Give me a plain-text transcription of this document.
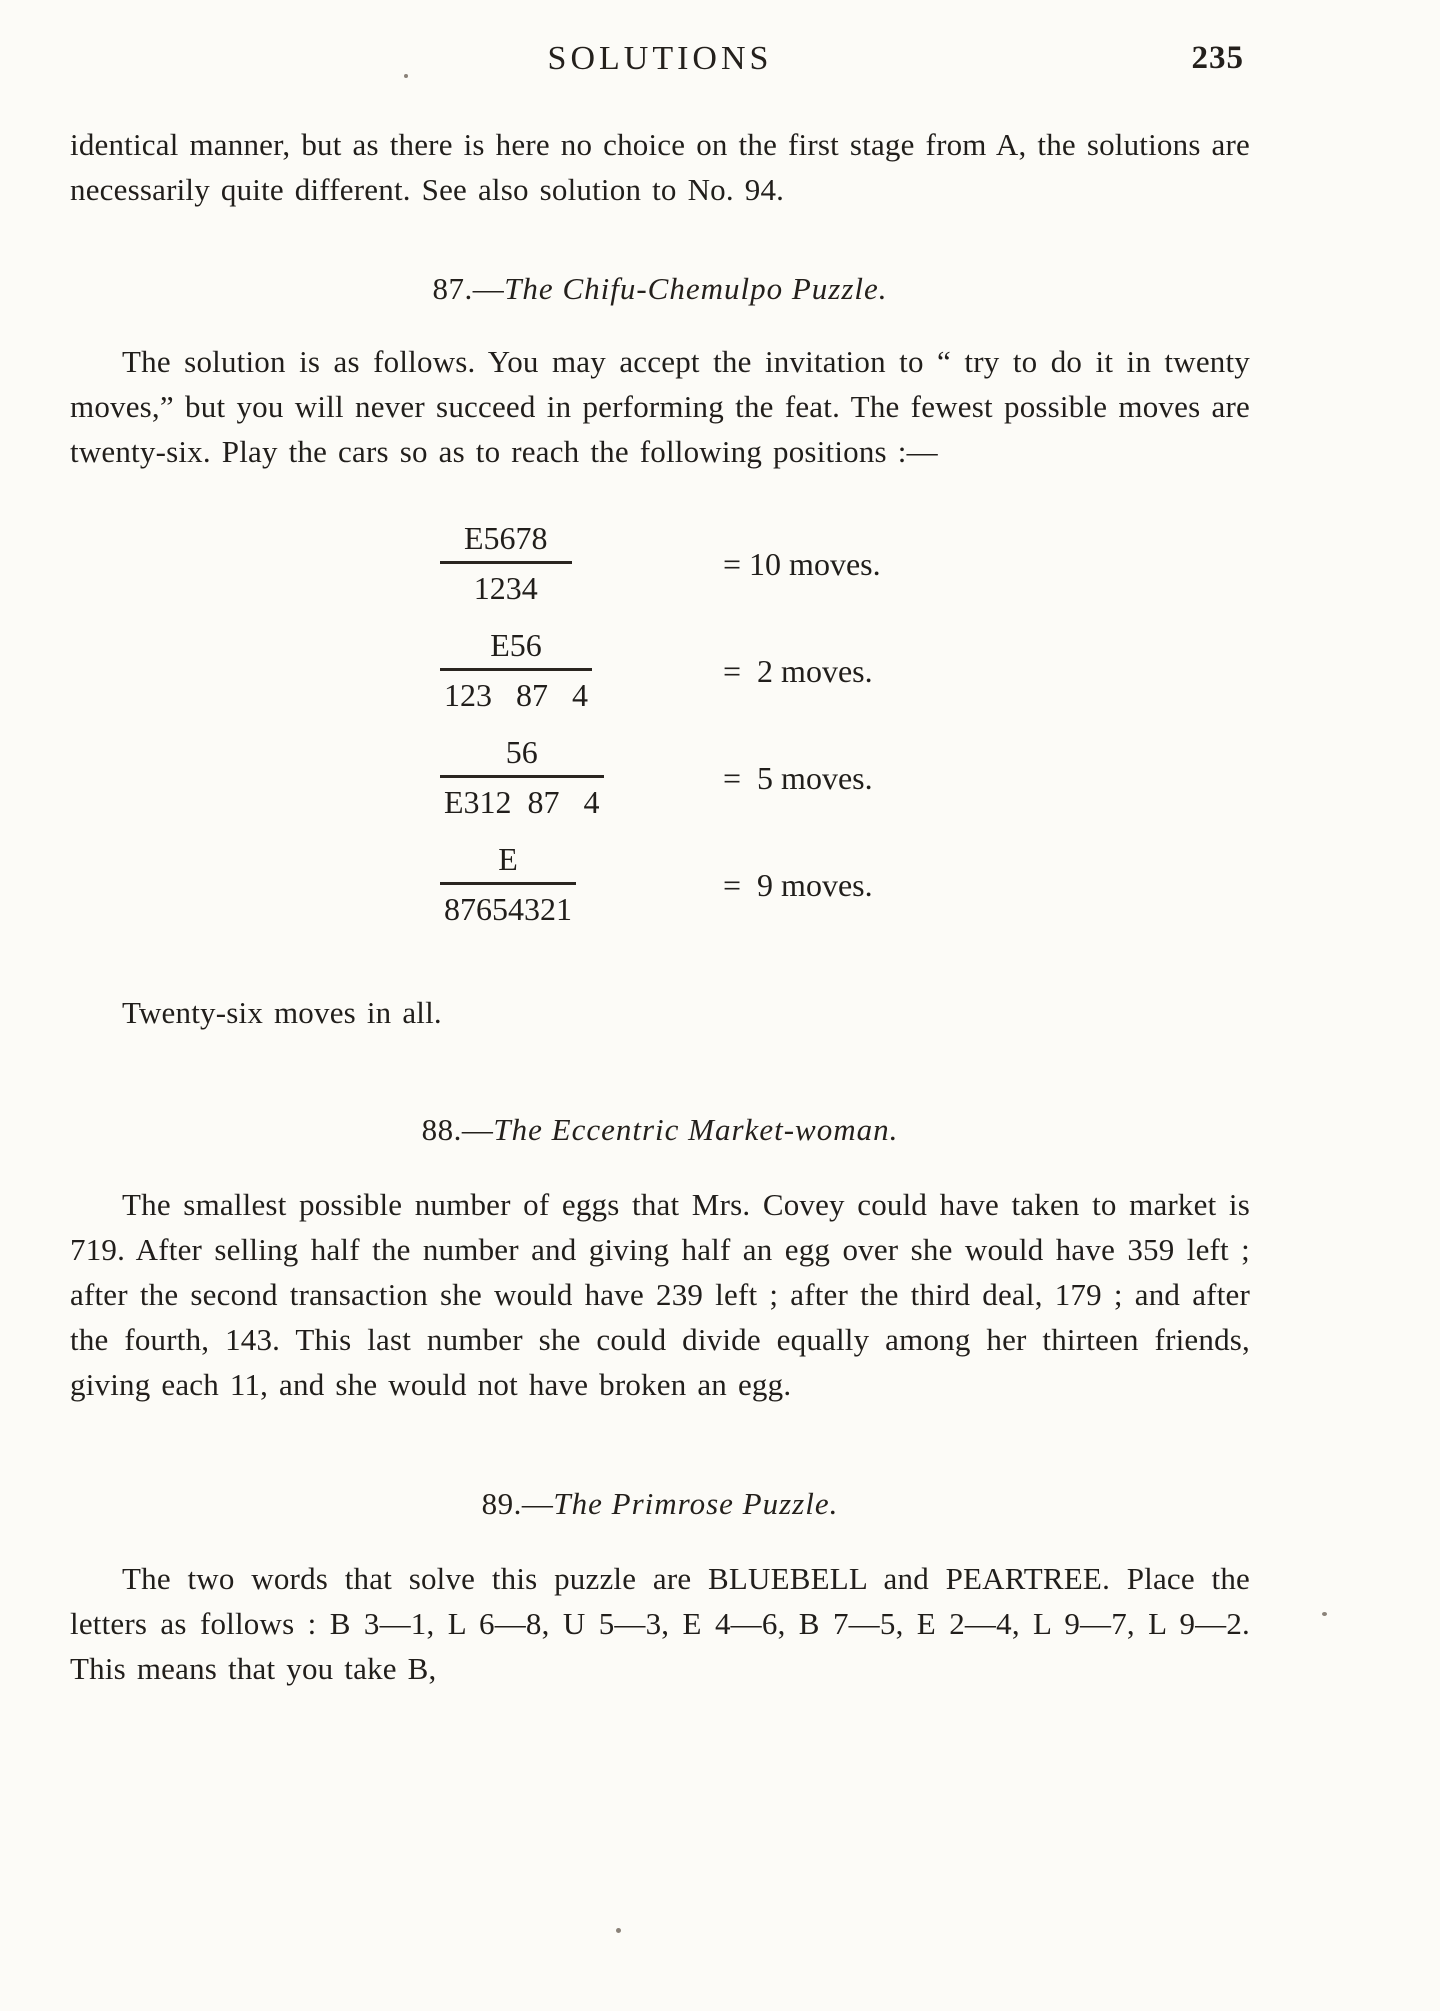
SOLUTIONS	235

identical manner, but as there is here no choice on the first stage from A, the solutions are necessarily quite different. See also solution to No. 94.

87.—The Chifu-Chemulpo Puzzle.

The solution is as follows. You may accept the invitation to “ try to do it in twenty moves,” but you will never succeed in performing the feat. The fewest possible moves are twenty-six. Play the cars so as to reach the following positions :—

$\frac{E5678}{1234}$	= 10 moves.
$\frac{E56}{123 87 4}$	=  2 moves.
$\frac{56}{E312 87 4}$	=  5 moves.
$\frac{E}{87654321}$	=  9 moves.

Twenty-six moves in all.

88.—The Eccentric Market-woman.

The smallest possible number of eggs that Mrs. Covey could have taken to market is 719. After selling half the number and giving half an egg over she would have 359 left ; after the second transaction she would have 239 left ; after the third deal, 179 ; and after the fourth, 143. This last number she could divide equally among her thirteen friends, giving each 11, and she would not have broken an egg.

89.—The Primrose Puzzle.

The two words that solve this puzzle are BLUEBELL and PEARTREE. Place the letters as follows : B 3—1, L 6—8, U 5—3, E 4—6, B 7—5, E 2—4, L 9—7, L 9—2. This means that you take B,
